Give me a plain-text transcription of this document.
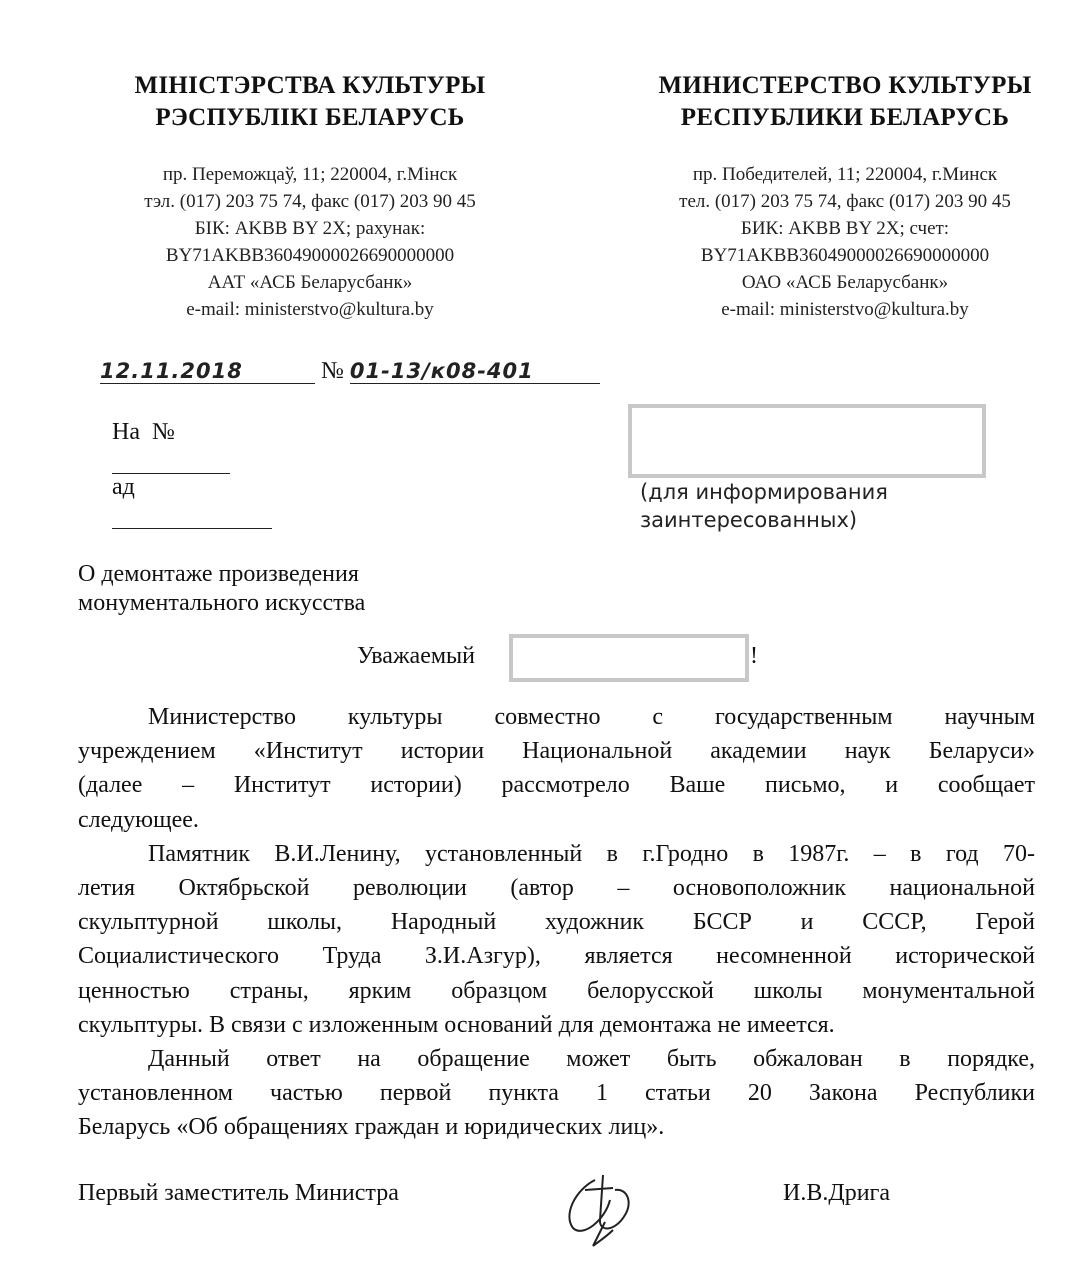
МІНІСТЭРСТВА КУЛЬТУРЫ
РЭСПУБЛІКІ БЕЛАРУСЬ
пр. Переможцаў, 11; 220004, г.Мінск
тэл. (017) 203 75 74, факс (017) 203 90 45
БІК: AKBB BY 2X; рахунак:
BY71AKBB36049000026690000000
ААТ «АСБ Беларусбанк»
e-mail: ministerstvo@kultura.by
МИНИСТЕРСТВО КУЛЬТУРЫ
РЕСПУБЛИКИ БЕЛАРУСЬ
пр. Победителей, 11; 220004, г.Минск
тел. (017) 203 75 74, факс (017) 203 90 45
БИК: AKBB BY 2X; счет:
BY71AKBB36049000026690000000
ОАО «АСБ Беларусбанк»
e-mail: ministerstvo@kultura.by
12.11.2018	№ 01-13/к08-401

На  №

ад
	(для информирования
заинтересованных)
О демонтаже произведения
монументального искусства
Уважаемый	!
Министерство культуры совместно с государственным научным
учреждением «Институт истории Национальной академии наук Беларуси»
(далее – Институт истории) рассмотрело Ваше письмо, и сообщает
следующее.
Памятник В.И.Ленину, установленный в г.Гродно в 1987г. – в год 70-
летия Октябрьской революции (автор – основоположник национальной
скульптурной школы, Народный художник БССР и СССР, Герой
Социалистического Труда З.И.Азгур), является несомненной исторической
ценностью страны, ярким образцом белорусской школы монументальной
скульптуры. В связи с изложенным оснований для демонтажа не имеется.
Данный ответ на обращение может быть обжалован в порядке,
установленном частью первой пункта 1 статьи 20 Закона Республики
Беларусь «Об обращениях граждан и юридических лиц».
Первый заместитель Министра	И.В.Дрига
